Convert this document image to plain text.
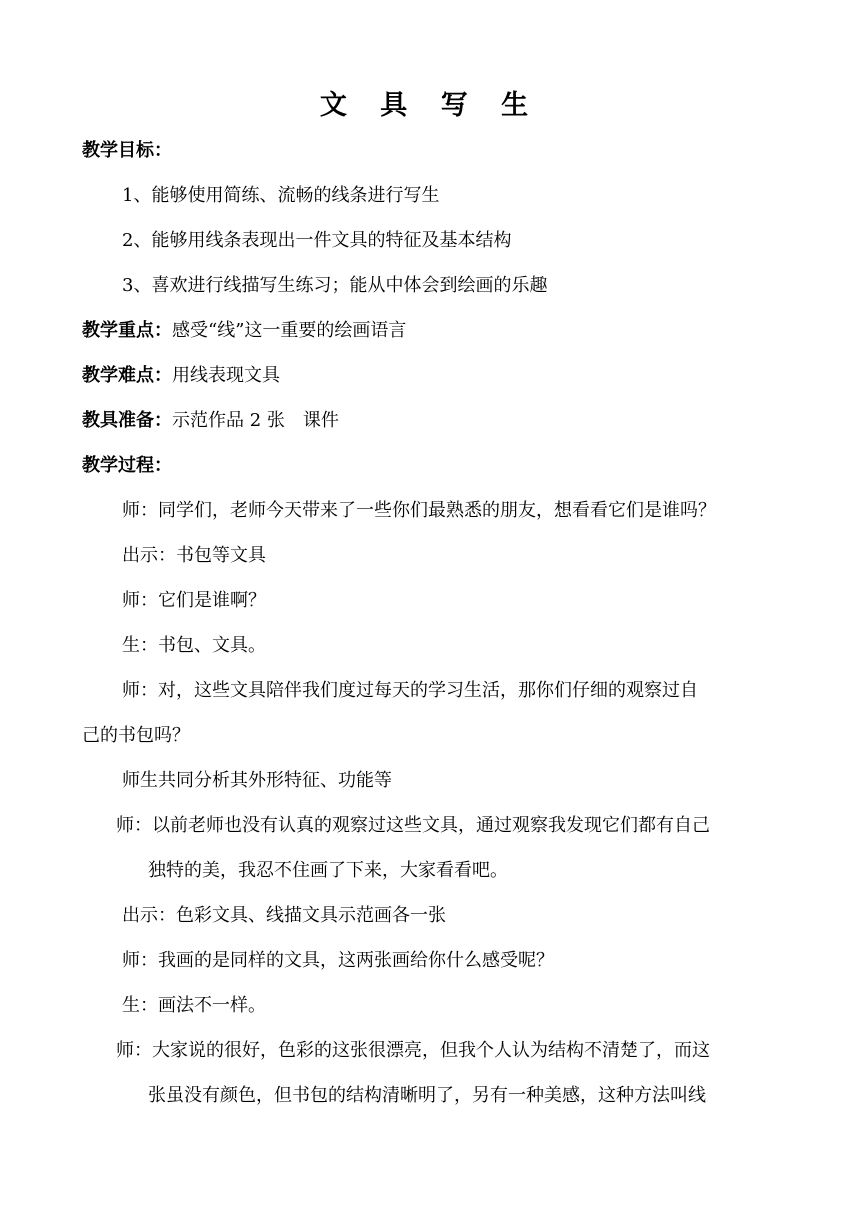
文 具 写 生
教学目标：
1、能够使用简练、流畅的线条进行写生
2、能够用线条表现出一件文具的特征及基本结构
3、喜欢进行线描写生练习；能从中体会到绘画的乐趣
教学重点：感受“线”这一重要的绘画语言
教学难点：用线表现文具
教具准备：示范作品 2 张　课件
教学过程：
师：同学们，老师今天带来了一些你们最熟悉的朋友，想看看它们是谁吗？
出示：书包等文具
师：它们是谁啊？
生：书包、文具。
师：对，这些文具陪伴我们度过每天的学习生活，那你们仔细的观察过自
己的书包吗？
师生共同分析其外形特征、功能等
师：以前老师也没有认真的观察过这些文具，通过观察我发现它们都有自己
独特的美，我忍不住画了下来，大家看看吧。
出示：色彩文具、线描文具示范画各一张
师：我画的是同样的文具，这两张画给你什么感受呢？
生：画法不一样。
师：大家说的很好，色彩的这张很漂亮，但我个人认为结构不清楚了，而这
张虽没有颜色，但书包的结构清晰明了，另有一种美感，这种方法叫线
